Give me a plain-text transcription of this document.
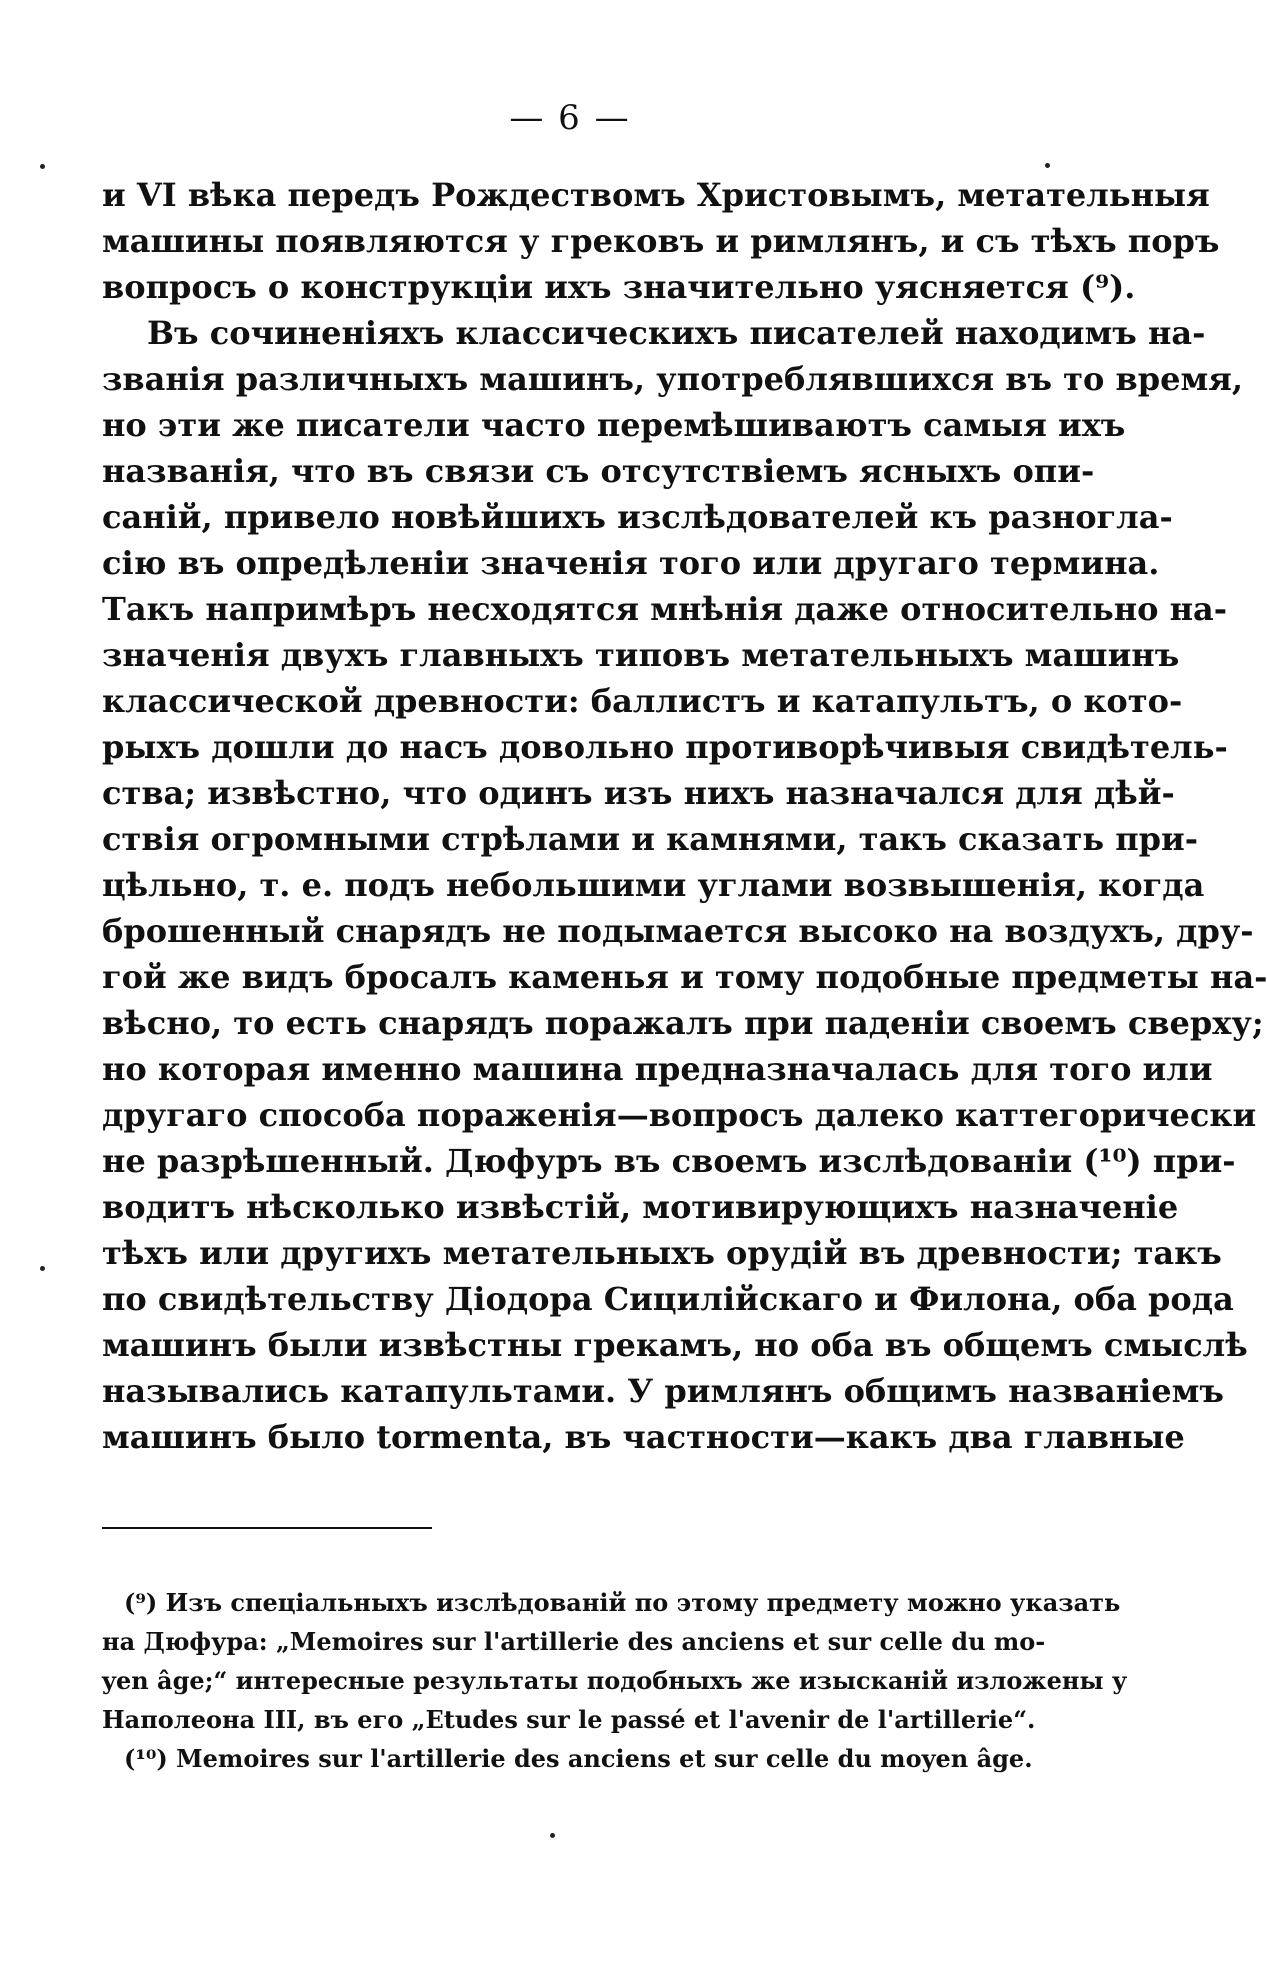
— 6 —
и VI вѣка передъ Рождествомъ Христовымъ, метательныя
машины появляются у грековъ и римлянъ, и съ тѣхъ поръ
вопросъ о конструкціи ихъ значительно уясняется (⁹).
Въ сочиненіяхъ классическихъ писателей находимъ на-
званія различныхъ машинъ, употреблявшихся въ то время,
но эти же писатели часто перемѣшиваютъ самыя ихъ
названія, что въ связи съ отсутствіемъ ясныхъ опи-
саній, привело новѣйшихъ изслѣдователей къ разногла-
сію въ опредѣленіи значенія того или другаго термина.
Такъ напримѣръ несходятся мнѣнія даже относительно на-
значенія двухъ главныхъ типовъ метательныхъ машинъ
классической древности: баллистъ и катапультъ, о кото-
рыхъ дошли до насъ довольно противорѣчивыя свидѣтель-
ства; извѣстно, что одинъ изъ нихъ назначался для дѣй-
ствія огромными стрѣлами и камнями, такъ сказать при-
цѣльно, т. е. подъ небольшими углами возвышенія, когда
брошенный снарядъ не подымается высоко на воздухъ, дру-
гой же видъ бросалъ каменья и тому подобные предметы на-
вѣсно, то есть снарядъ поражалъ при паденіи своемъ сверху;
но которая именно машина предназначалась для того или
другаго способа пораженія—вопросъ далеко каттегорически
не разрѣшенный. Дюфуръ въ своемъ изслѣдованіи (¹⁰) при-
водитъ нѣсколько извѣстій, мотивирующихъ назначеніе
тѣхъ или другихъ метательныхъ орудій въ древности; такъ
по свидѣтельству Діодора Сицилійскаго и Филона, оба рода
машинъ были извѣстны грекамъ, но оба въ общемъ смыслѣ
назывались катапультами. У римлянъ общимъ названіемъ
машинъ было tormenta, въ частности—какъ два главные
(⁹) Изъ спеціальныхъ изслѣдованій по этому предмету можно указать
на Дюфура: „Memoires sur l'artillerie des anciens et sur celle du mo-
yen âge;“ интересные результаты подобныхъ же изысканій изложены у
Наполеона III, въ его „Etudes sur le passé et l'avenir de l'artillerie“.
(¹⁰) Memoires sur l'artillerie des anciens et sur celle du moyen âge.
